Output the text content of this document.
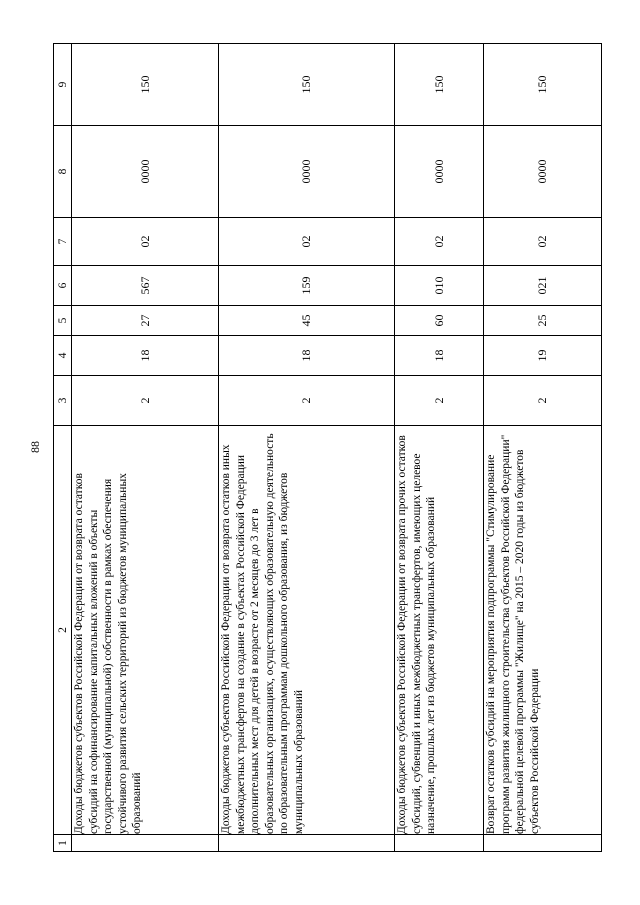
88
1	2	3	4	5	6	7	8	9

	Доходы бюджетов субъектов Российской Федерации от возврата остатков субсидий на софинансирование капитальных вложений в объекты государственной (муниципальной) собственности в рамках обеспечения устойчивого развития сельских территорий из бюджетов муниципальных образований	2	18	27	567	02	0000	150

	Доходы бюджетов субъектов Российской Федерации от возврата остатков иных межбюджетных трансфертов на создание в субъектах Российской Федерации дополнительных мест для детей в возрасте от 2 месяцев до 3 лет в образовательных организациях, осуществляющих образовательную деятельность по образовательным программам дошкольного образования, из бюджетов муниципальных образований	2	18	45	159	02	0000	150

	Доходы бюджетов субъектов Российской Федерации от возврата прочих остатков субсидий, субвенций и иных межбюджетных трансфертов, имеющих целевое назначение, прошлых лет из бюджетов муниципальных образований	2	18	60	010	02	0000	150

	Возврат остатков субсидий на мероприятия подпрограммы "Стимулирование программ развития жилищного строительства субъектов Российской Федерации" федеральной целевой программы "Жилище" на 2015 – 2020 годы из бюджетов субъектов Российской Федерации	2	19	25	021	02	0000	150
